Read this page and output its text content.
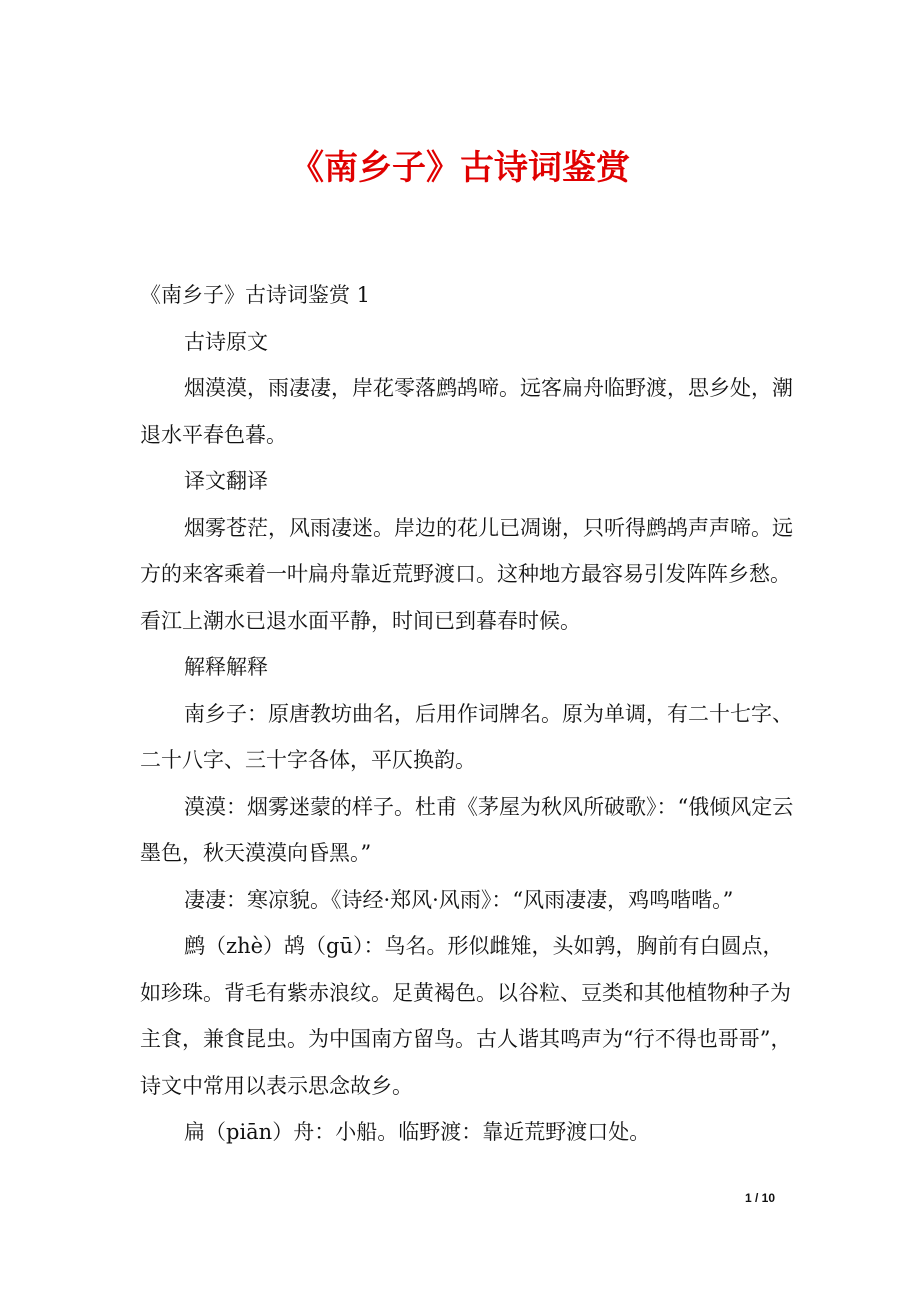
《南乡子》古诗词鉴赏

《南乡子》古诗词鉴赏 1

古诗原文

烟漠漠，雨凄凄，岸花零落鹧鸪啼。远客扁舟临野渡，思乡处，潮退水平春色暮。

译文翻译

烟雾苍茫，风雨凄迷。岸边的花儿已凋谢，只听得鹧鸪声声啼。远方的来客乘着一叶扁舟靠近荒野渡口。这种地方最容易引发阵阵乡愁。看江上潮水已退水面平静，时间已到暮春时候。

解释解释

南乡子：原唐教坊曲名，后用作词牌名。原为单调，有二十七字、二十八字、三十字各体，平仄换韵。

漠漠：烟雾迷蒙的样子。杜甫《茅屋为秋风所破歌》：“俄倾风定云墨色，秋天漠漠向昏黑。”

凄凄：寒凉貌。《诗经·郑风·风雨》：“风雨凄凄，鸡鸣喈喈。”

鹧（zhè）鸪（gū）：鸟名。形似雌雉，头如鹑，胸前有白圆点，如珍珠。背毛有紫赤浪纹。足黄褐色。以谷粒、豆类和其他植物种子为主食，兼食昆虫。为中国南方留鸟。古人谐其鸣声为“行不得也哥哥”，诗文中常用以表示思念故乡。

扁（piān）舟：小船。临野渡：靠近荒野渡口处。

1 / 10
